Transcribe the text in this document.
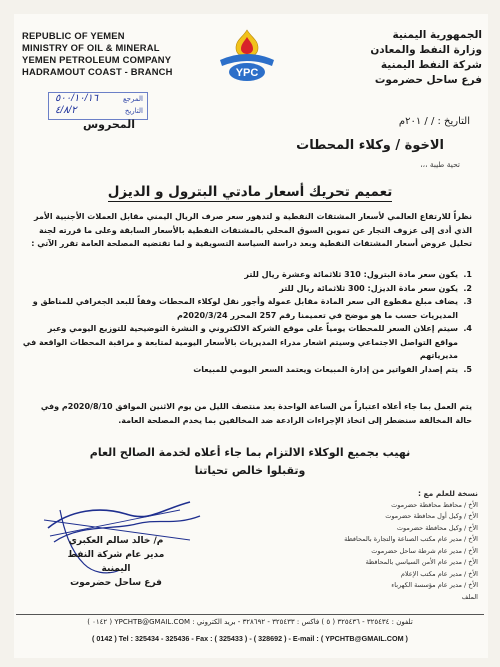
REPUBLIC OF YEMEN
MINISTRY OF OIL & MINERAL
YEMEN PETROLEUM COMPANY
HADRAMOUT COAST - BRANCH	YPC
الجمهورية اليمنية
وزارة النفط والمعادن
شركة النفط اليمنية
فرع ساحل حضرموت
المرجع
التاريخ
٥٠٠/١٠/١٦
٤/٨/٢
المحروس	التاريخ : / / ٢٠١م
الاخوة / وكلاء المحطات
تحية طيبة ،،،
تعميم تحريك أسعار مادتي البترول و الديزل
نظراً للارتفاع العالمي لأسعار المشتقات النفطية و لتدهور سعر صرف الريال اليمني مقابل العملات الأجنبية الأمر الذي أدى إلى عزوف التجار عن تموين السوق المحلي بالمشتقات النفطية بالأسعار السابقة وعلى ما قررته لجنة تحليل عروض أسعار المشتقات النفطية وبعد دراسة السياسة التسويقية و لما تقتضيه المصلحة العامة تقرر الآتي :
1.
يكون سعر مادة البترول: 310 ثلاثمائة وعشرة ريال للتر
2.
يكون سعر مادة الديزل: 300 ثلاثمائة ريال للتر
3.
يضاف مبلغ مقطوع الى سعر المادة مقابل عمولة وأجور نقل لوكلاء المحطات وفقاً للبعد الجغرافي للمناطق و المديريات حسب ما هو موضح في تعميمنا رقم 257 المحرر 2020/3/24م
4.
سيتم إعلان السعر للمحطات يومياً على موقع الشركة الالكتروني و النشرة التوضيحية للتوزيع اليومي وعبر مواقع التواصل الاجتماعي وسيتم اشعار مدراء المديريات بالأسعار اليومية لمتابعة و مراقبة المحطات الواقعة في مديرياتهم
5.
يتم إصدار الفواتير من إدارة المبيعات ويعتمد السعر اليومي للمبيعات
يتم العمل بما جاء أعلاه اعتباراً من الساعة الواحدة بعد منتصف الليل من يوم الاثنين الموافق 2020/8/10م وفي حالة المخالفة سنضطر إلى اتخاذ الإجراءات الرادعة ضد المخالفين بما يخدم المصلحة العامة.
نهيب بجميع الوكلاء الالتزام بما جاء أعلاه لخدمة الصالح العام
وتقبلوا خالص تحياتنا
م/ خالد سالم العكبري
مدير عام شركة النفط اليمنية
فرع ساحل حضرموت
نسخة للعلم مع :
الأخ / محافظ محافظة حضرموت
الأخ / وكيل أول محافظة حضرموت
الأخ / وكيل محافظة حضرموت
الأخ / مدير عام مكتب الصناعة والتجارة بالمحافظة
الأخ / مدير عام شرطة ساحل حضرموت
الأخ / مدير عام الأمن السياسي بالمحافظة
الأخ / مدير عام مكتب الإعلام
الأخ / مدير عام مؤسسة الكهرباء
الملف
تلفون : ٣٢٥٤٣٤ - ٣٢٥٤٣٦ ( ٥ ) فاكس : ٣٢٥٤٣٣ - ٣٢٨٦٩٢ - بريد الكتروني : YPCHTB@GMAIL.COM ( ٠١٤٢ )
( 0142 ) Tel : 325434 - 325436 - Fax : ( 325433 ) - ( 328692 ) - E-mail : ( YPCHTB@GMAIL.COM )
